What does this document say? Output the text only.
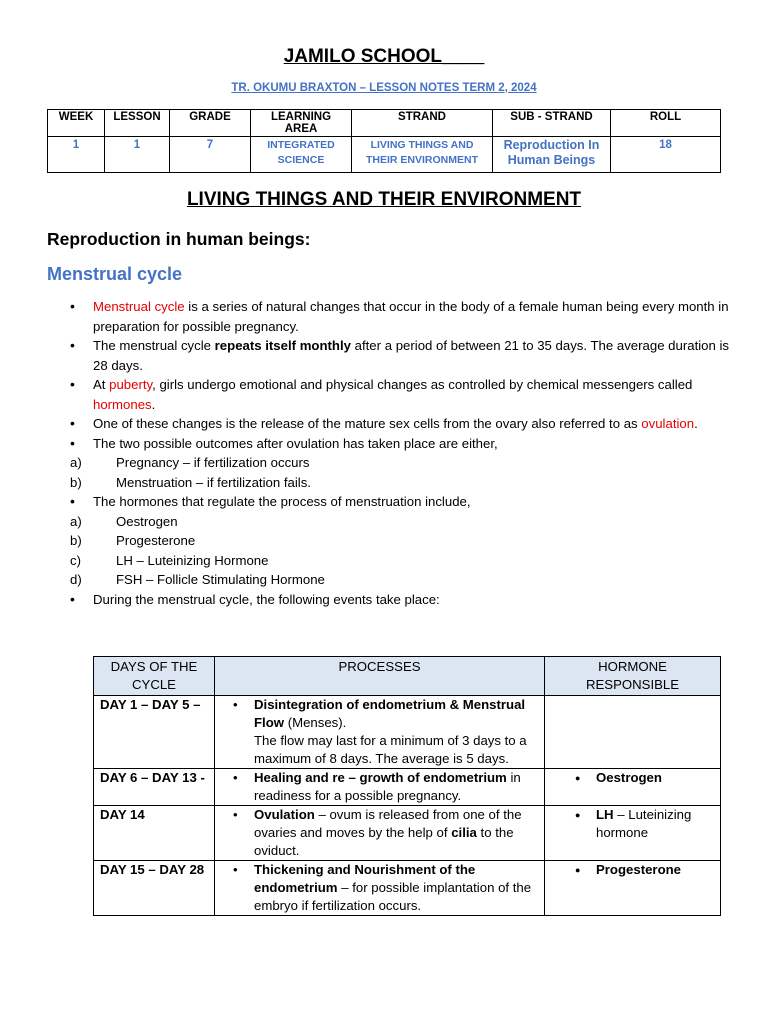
JAMILO SCHOOL____
TR. OKUMU BRAXTON – LESSON NOTES TERM 2, 2024
WEEK	LESSON	GRADE	LEARNING AREA	STRAND	SUB - STRAND	ROLL
1	1	7	INTEGRATED SCIENCE	LIVING THINGS AND THEIR ENVIRONMENT	Reproduction In Human Beings	18
LIVING THINGS AND THEIR ENVIRONMENT
Reproduction in human beings:
Menstrual cycle
• Menstrual cycle is a series of natural changes that occur in the body of a female human being every month in preparation for possible pregnancy.
• The menstrual cycle repeats itself monthly after a period of between 21 to 35 days. The average duration is 28 days.
• At puberty, girls undergo emotional and physical changes as controlled by chemical messengers called hormones.
• One of these changes is the release of the mature sex cells from the ovary also referred to as ovulation.
• The two possible outcomes after ovulation has taken place are either,
a)	Pregnancy – if fertilization occurs
b)	Menstruation – if fertilization fails.
• The hormones that regulate the process of menstruation include,
a)	Oestrogen
b)	Progesterone
c)	LH – Luteinizing Hormone
d)	FSH – Follicle Stimulating Hormone
• During the menstrual cycle, the following events take place:
DAYS OF THE CYCLE	PROCESSES	HORMONE RESPONSIBLE
DAY 1 – DAY 5 –	• Disintegration of endometrium & Menstrual Flow (Menses).
The flow may last for a minimum of 3 days to a maximum of 8 days. The average is 5 days.

DAY 6 – DAY 13 -	• Healing and re – growth of endometrium in readiness for a possible pregnancy.	● Oestrogen

DAY 14	• Ovulation – ovum is released from one of the ovaries and moves by the help of cilia to the oviduct.	● LH – Luteinizing hormone

DAY 15 – DAY 28	• Thickening and Nourishment of the endometrium – for possible implantation of the embryo if fertilization occurs.	● Progesterone
